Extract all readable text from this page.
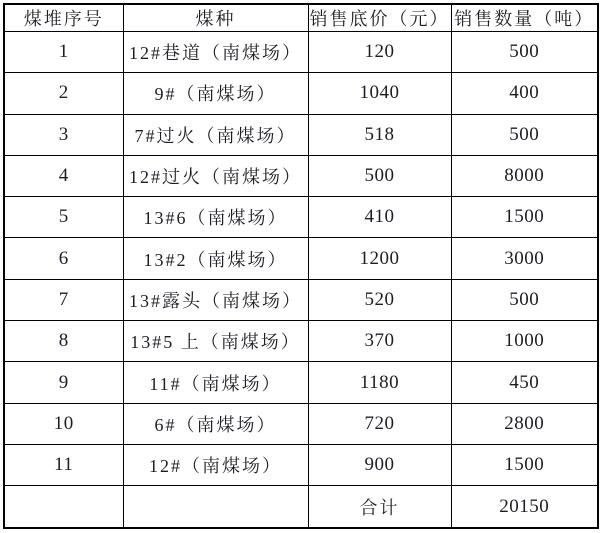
煤堆序号	煤种	销售底价（元）	销售数量（吨）
1	12#巷道（南煤场）	120	500
2	9#（南煤场）	1040	400
3	7#过火（南煤场）	518	500
4	12#过火（南煤场）	500	8000
5	13#6（南煤场）	410	1500
6	13#2（南煤场）	1200	3000
7	13#露头（南煤场）	520	500
8	13#5 上（南煤场）	370	1000
9	11#（南煤场）	1180	450
10	6#（南煤场）	720	2800
11	12#（南煤场）	900	1500
		合计	20150
